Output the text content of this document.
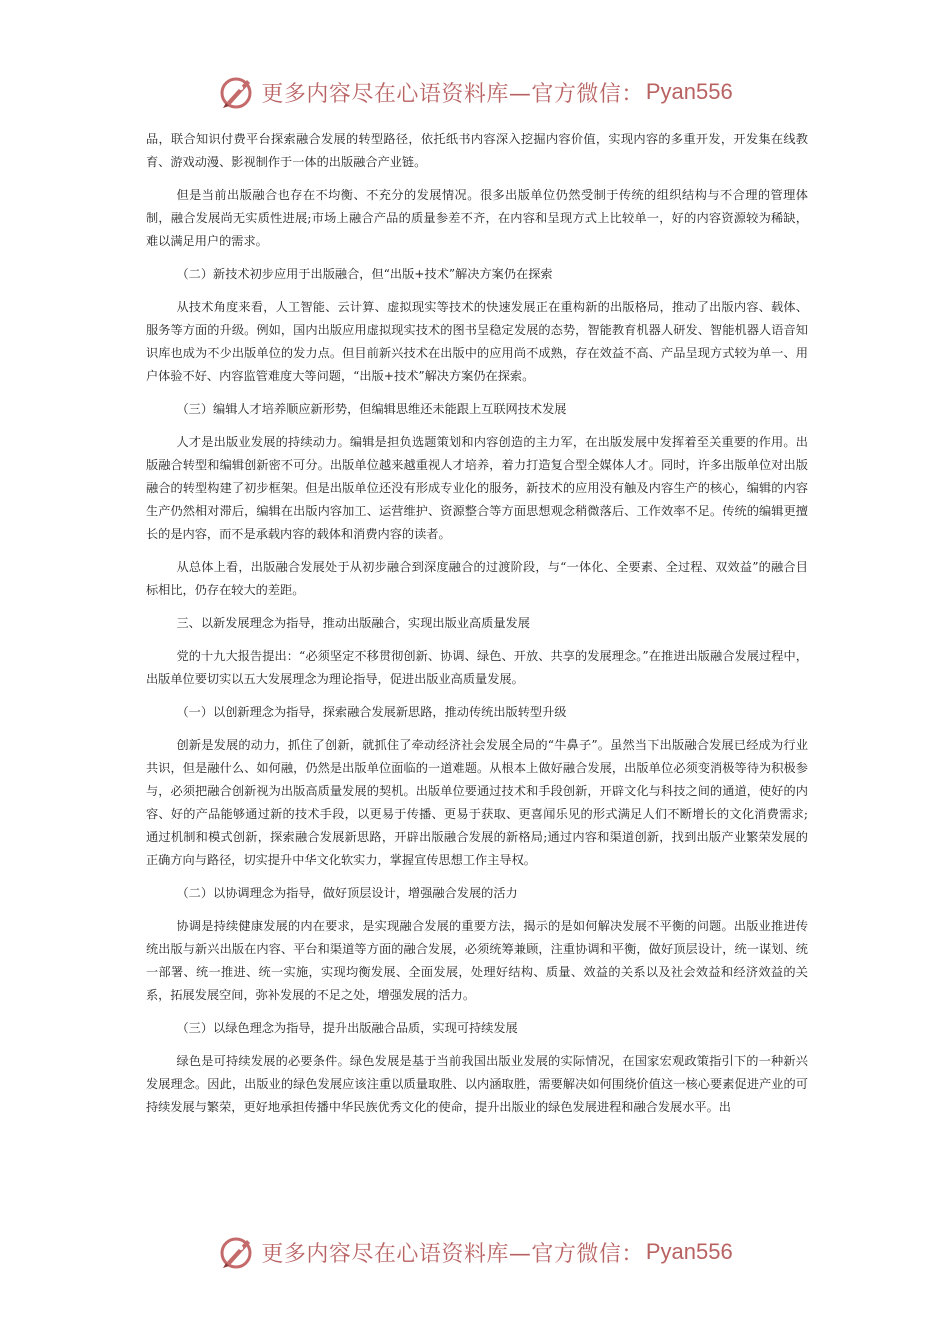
更多内容尽在心语资料库—官方微信： Pyan556

品，联合知识付费平台探索融合发展的转型路径，依托纸书内容深入挖掘内容价值，实现内容的多重开发，开发集在线教育、游戏动漫、影视制作于一体的出版融合产业链。

但是当前出版融合也存在不均衡、不充分的发展情况。很多出版单位仍然受制于传统的组织结构与不合理的管理体制，融合发展尚无实质性进展;市场上融合产品的质量参差不齐，在内容和呈现方式上比较单一，好的内容资源较为稀缺，难以满足用户的需求。

（二）新技术初步应用于出版融合，但“出版+技术”解决方案仍在探索

从技术角度来看，人工智能、云计算、虚拟现实等技术的快速发展正在重构新的出版格局，推动了出版内容、载体、服务等方面的升级。例如，国内出版应用虚拟现实技术的图书呈稳定发展的态势，智能教育机器人研发、智能机器人语音知识库也成为不少出版单位的发力点。但目前新兴技术在出版中的应用尚不成熟，存在效益不高、产品呈现方式较为单一、用户体验不好、内容监管难度大等问题，“出版+技术”解决方案仍在探索。

（三）编辑人才培养顺应新形势，但编辑思维还未能跟上互联网技术发展

人才是出版业发展的持续动力。编辑是担负选题策划和内容创造的主力军，在出版发展中发挥着至关重要的作用。出版融合转型和编辑创新密不可分。出版单位越来越重视人才培养，着力打造复合型全媒体人才。同时，许多出版单位对出版融合的转型构建了初步框架。但是出版单位还没有形成专业化的服务，新技术的应用没有触及内容生产的核心，编辑的内容生产仍然相对滞后，编辑在出版内容加工、运营维护、资源整合等方面思想观念稍微落后、工作效率不足。传统的编辑更擅长的是内容，而不是承载内容的载体和消费内容的读者。

从总体上看，出版融合发展处于从初步融合到深度融合的过渡阶段，与“一体化、全要素、全过程、双效益”的融合目标相比，仍存在较大的差距。

三、以新发展理念为指导，推动出版融合，实现出版业高质量发展

党的十九大报告提出：“必须坚定不移贯彻创新、协调、绿色、开放、共享的发展理念。”在推进出版融合发展过程中，出版单位要切实以五大发展理念为理论指导，促进出版业高质量发展。

（一）以创新理念为指导，探索融合发展新思路，推动传统出版转型升级

创新是发展的动力，抓住了创新，就抓住了牵动经济社会发展全局的“牛鼻子”。虽然当下出版融合发展已经成为行业共识，但是融什么、如何融，仍然是出版单位面临的一道难题。从根本上做好融合发展，出版单位必须变消极等待为积极参与，必须把融合创新视为出版高质量发展的契机。出版单位要通过技术和手段创新，开辟文化与科技之间的通道，使好的内容、好的产品能够通过新的技术手段，以更易于传播、更易于获取、更喜闻乐见的形式满足人们不断增长的文化消费需求;通过机制和模式创新，探索融合发展新思路，开辟出版融合发展的新格局;通过内容和渠道创新，找到出版产业繁荣发展的正确方向与路径，切实提升中华文化软实力，掌握宣传思想工作主导权。

（二）以协调理念为指导，做好顶层设计，增强融合发展的活力

协调是持续健康发展的内在要求，是实现融合发展的重要方法，揭示的是如何解决发展不平衡的问题。出版业推进传统出版与新兴出版在内容、平台和渠道等方面的融合发展，必须统筹兼顾，注重协调和平衡，做好顶层设计，统一谋划、统一部署、统一推进、统一实施，实现均衡发展、全面发展，处理好结构、质量、效益的关系以及社会效益和经济效益的关系，拓展发展空间，弥补发展的不足之处，增强发展的活力。

（三）以绿色理念为指导，提升出版融合品质，实现可持续发展

绿色是可持续发展的必要条件。绿色发展是基于当前我国出版业发展的实际情况，在国家宏观政策指引下的一种新兴发展理念。因此，出版业的绿色发展应该注重以质量取胜、以内涵取胜，需要解决如何围绕价值这一核心要素促进产业的可持续发展与繁荣，更好地承担传播中华民族优秀文化的使命，提升出版业的绿色发展进程和融合发展水平。出

更多内容尽在心语资料库—官方微信： Pyan556
